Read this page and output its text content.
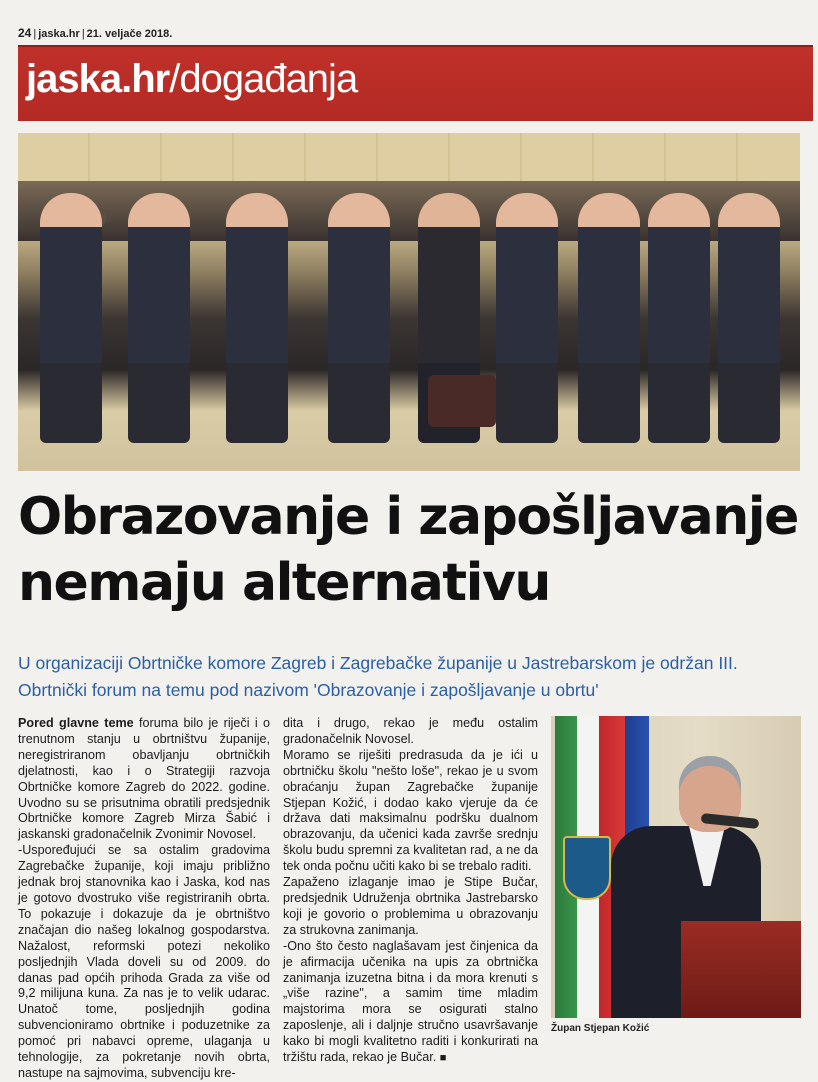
24 | jaska.hr | 21. veljače 2018.
jaska.hr/događanja
Obrazovanje i zapošljavanje
nemaju alternativu

U organizaciji Obrtničke komore Zagreb i Zagrebačke županije u Jastrebarskom je održan III.
Obrtnički forum na temu pod nazivom 'Obrazovanje i zapošljavanje u obrtu'

Pored glavne teme foruma bilo je riječi i o trenutnom stanju u obrtništvu županije, neregistriranom obavljanju obrtničkih djelatnosti, kao i o Strategiji razvoja Obrtničke komore Zagreb do 2022. godine. Uvodno su se prisutnima obratili predsjednik Obrtničke komore Zagreb Mirza Šabić i jaskanski gradonačelnik Zvonimir Novosel.

-Uspoređujući se sa ostalim gradovima Zagrebačke županije, koji imaju približno jednak broj stanovnika kao i Jaska, kod nas je gotovo dvostruko više registriranih obrta. To pokazuje i dokazuje da je obrtništvo značajan dio našeg lokalnog gospodarstva. Nažalost, reformski potezi nekoliko posljednjih Vlada doveli su od 2009. do danas pad općih prihoda Grada za više od 9,2 milijuna kuna. Za nas je to velik udarac. Unatoč tome, posljednjih godina subvencioniramo obrtnike i poduzetnike za pomoć pri nabavci opreme, ulaganja u tehnologije, za pokretanje novih obrta, nastupe na sajmovima, subvenciju kre-

dita i drugo, rekao je među ostalim gradonačelnik Novosel.

Moramo se riješiti predrasuda da je ići u obrtničku školu "nešto loše", rekao je u svom obraćanju župan Zagrebačke županije Stjepan Kožić, i dodao kako vjeruje da će država dati maksimalnu podršku dualnom obrazovanju, da učenici kada završe srednju školu budu spremni za kvalitetan rad, a ne da tek onda počnu učiti kako bi se trebalo raditi.

Zapaženo izlaganje imao je Stipe Bučar, predsjednik Udruženja obrtnika Jastrebarsko koji je govorio o problemima u obrazovanju za strukovna zanimanja.

-Ono što često naglašavam jest činjenica da je afirmacija učenika na upis za obrtnička zanimanja izuzetna bitna i da mora krenuti s „više razine", a samim time mladim majstorima mora se osigurati stalno zaposlenje, ali i daljnje stručno usavršavanje kako bi mogli kvalitetno raditi i konkurirati na tržištu rada, rekao je Bučar. ■

Župan Stjepan Kožić
